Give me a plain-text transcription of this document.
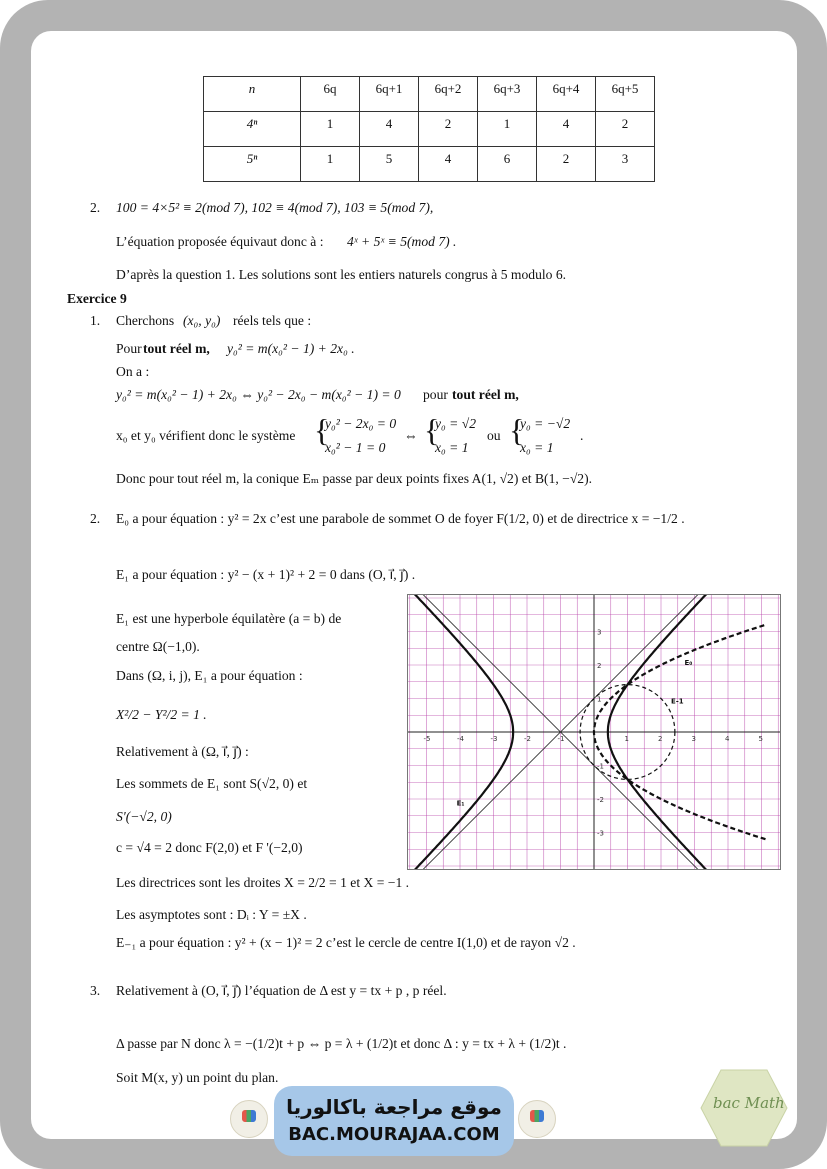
n	6q	6q+1	6q+2	6q+3	6q+4	6q+5
4ⁿ	1	4	2	1	4	2
5ⁿ	1	5	4	6	2	3
2. 100 = 4×5² ≡ 2(mod 7), 102 ≡ 4(mod 7), 103 ≡ 5(mod 7),
L’équation proposée équivaut donc à : 4ˣ + 5ˣ ≡ 5(mod 7) .
D’après la question 1. Les solutions sont les entiers naturels congrus à 5 modulo 6.
Exercice 9
1. Cherchons (x₀, y₀) réels tels que :
Pour tout réel m, y₀² = m(x₀² − 1) + 2x₀ .
On a :
y₀² = m(x₀² − 1) + 2x₀ ⇔ y₀² − 2x₀ − m(x₀² − 1) = 0 pour tout réel m,
x₀ et y₀ vérifient donc le système {
y₀² − 2x₀ = 0
x₀² − 1 = 0
⇔ {
y₀ = √2
x₀ = 1
ou {
y₀ = −√2
x₀ = 1
.
Donc pour tout réel m, la conique Eₘ passe par deux points fixes A(1, √2) et B(1, −√2).
2. E₀ a pour équation : y² = 2x c’est une parabole de sommet O de foyer F(1/2, 0) et de directrice x = −1/2 .
E₁ a pour équation : y² − (x + 1)² + 2 = 0 dans (O, i⃗, j⃗) .
E₁ est une hyperbole équilatère (a = b) de
centre Ω(−1,0).
Dans (Ω, i, j), E₁ a pour équation :
X²/2 − Y²/2 = 1 .
Relativement à (Ω, i⃗, j⃗) :
Les sommets de E₁ sont S(√2, 0) et
S'(−√2, 0)
c = √4 = 2 donc F(2,0) et F '(−2,0)
Les directrices sont les droites X = 2/2 = 1 et X = −1 .
Les asymptotes sont : Dᵢ : Y = ±X .
E₋₁ a pour équation : y² + (x − 1)² = 2 c’est le cercle de centre I(1,0) et de rayon √2 .
-5	-4	-3	-2	-1	1	2	3	4	5
3
2
1
-1
-2
-3
E₀
E-1
E₁
3. Relativement à (O, i⃗, j⃗) l’équation de Δ est y = tx + p , p réel.
Δ passe par N donc λ = −(1/2)t + p ⇔ p = λ + (1/2)t et donc Δ : y = tx + λ + (1/2)t .
Soit M(x, y) un point du plan.
موقع مراجعة باكالوريا
BAC.MOURAJAA.COM
bac Math
